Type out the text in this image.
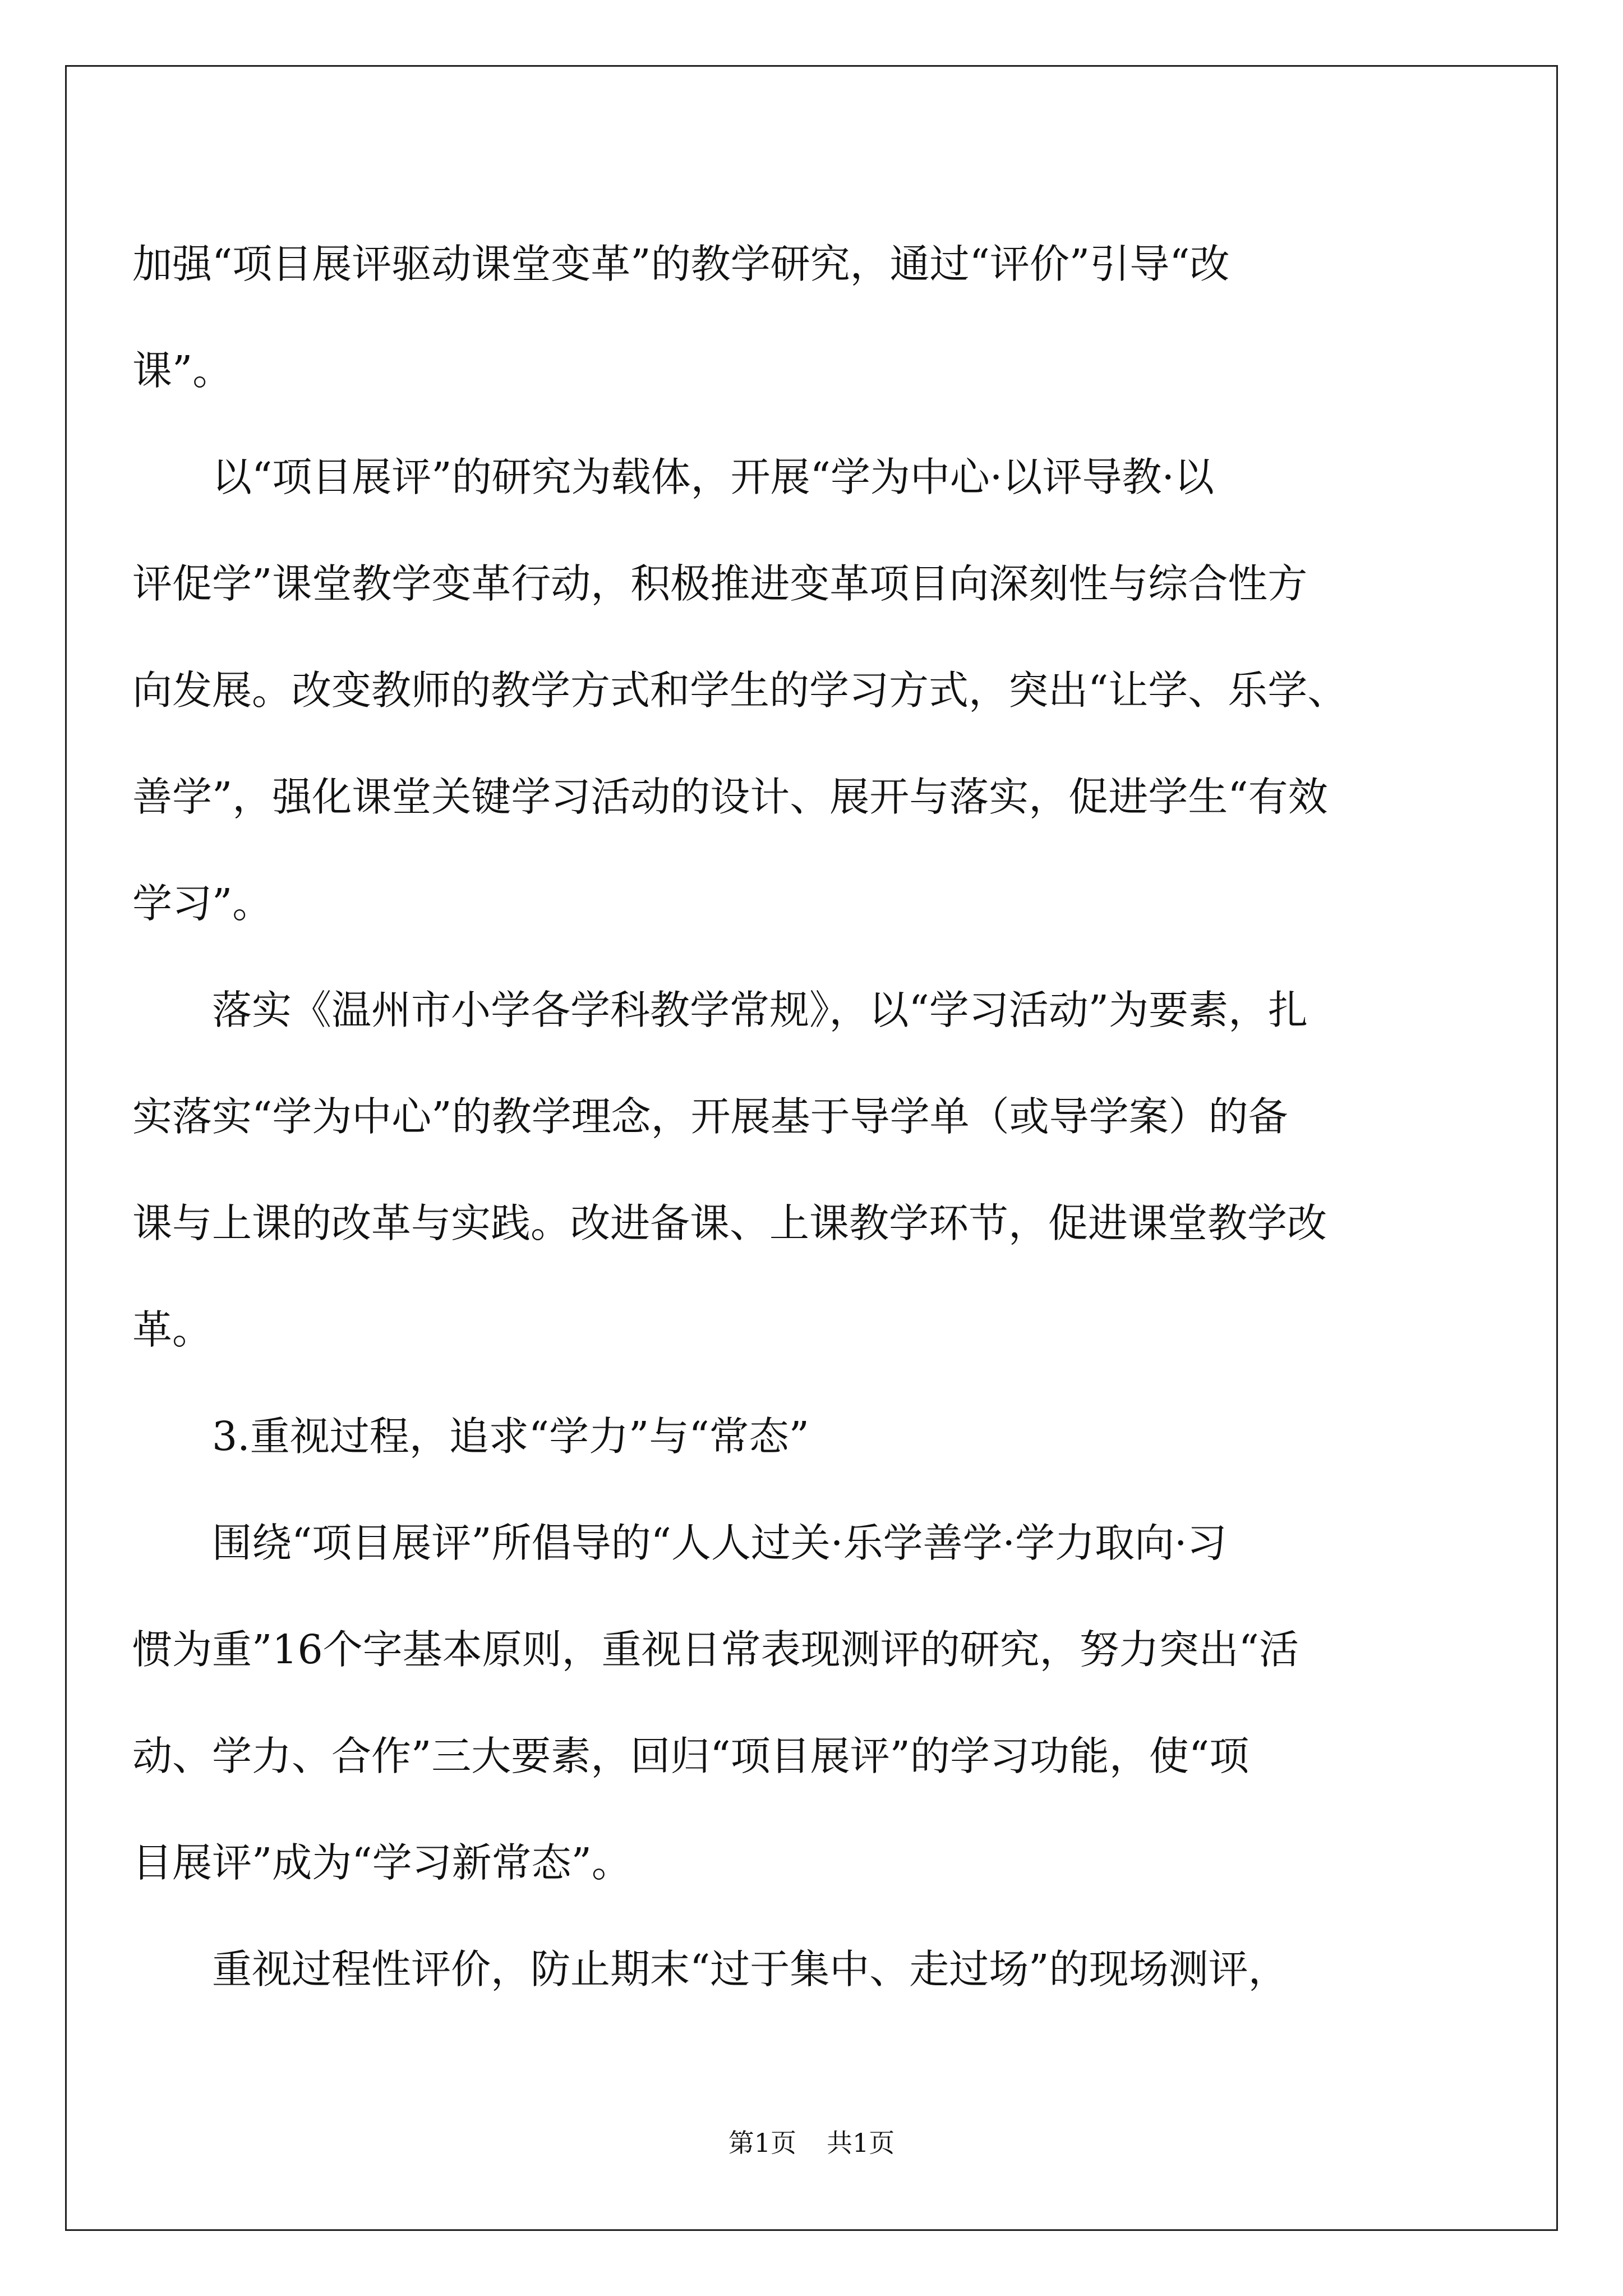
加强“项目展评驱动课堂变革”的教学研究，通过“评价”引导“改

课”。

　　以“项目展评”的研究为载体，开展“学为中心·以评导教·以

评促学”课堂教学变革行动，积极推进变革项目向深刻性与综合性方

向发展。改变教师的教学方式和学生的学习方式，突出“让学、乐学、

善学”，强化课堂关键学习活动的设计、展开与落实，促进学生“有效

学习”。

　　落实《温州市小学各学科教学常规》，以“学习活动”为要素，扎

实落实“学为中心”的教学理念，开展基于导学单（或导学案）的备

课与上课的改革与实践。改进备课、上课教学环节，促进课堂教学改

革。

　　3.重视过程，追求“学力”与“常态”

　　围绕“项目展评”所倡导的“人人过关·乐学善学·学力取向·习

惯为重”16个字基本原则，重视日常表现测评的研究，努力突出“活

动、学力、合作”三大要素，回归“项目展评”的学习功能，使“项

目展评”成为“学习新常态”。

　　重视过程性评价，防止期末“过于集中、走过场”的现场测评，

第1页 共1页
